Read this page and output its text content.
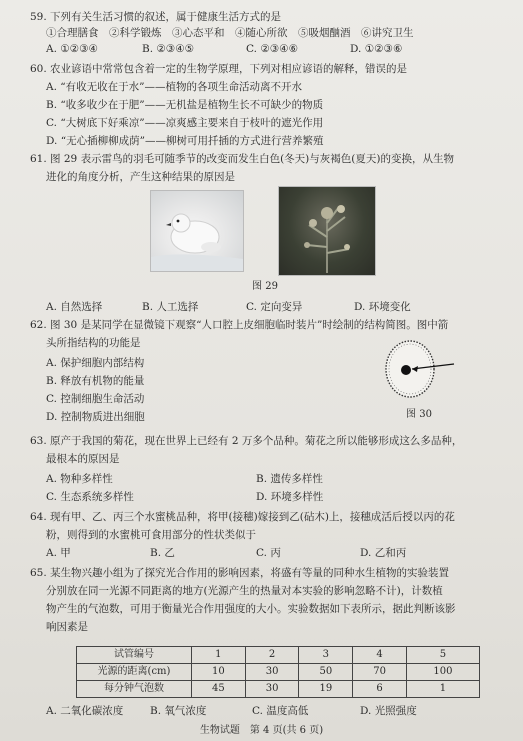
59. 下列有关生活习惯的叙述，属于健康生活方式的是
①合理膳食　②科学锻炼　③心态平和　④随心所欲　⑤吸烟酗酒　⑥讲究卫生
A. ①②③④	B. ②③④⑤	C. ②③④⑥	D. ①②③⑥
60. 农业谚语中常常包含着一定的生物学原理，下列对相应谚语的解释，错误的是
A. “有收无收在于水”——植物的各项生命活动离不开水
B. “收多收少在于肥”——无机盐是植物生长不可缺少的物质
C. “大树底下好乘凉”——凉爽感主要来自于枝叶的遮光作用
D. “无心插柳柳成荫”——柳树可用扦插的方式进行营养繁殖
61. 图 29 表示雷鸟的羽毛可随季节的改变而发生白色(冬天)与灰褐色(夏天)的变换，从生物
进化的角度分析，产生这种结果的原因是
图 29
A. 自然选择	B. 人工选择	C. 定向变异	D. 环境变化
62. 图 30 是某同学在显微镜下观察“人口腔上皮细胞临时装片”时绘制的结构简图。图中箭
头所指结构的功能是
A. 保护细胞内部结构
B. 释放有机物的能量
C. 控制细胞生命活动
D. 控制物质进出细胞	图 30
63. 原产于我国的菊花，现在世界上已经有 2 万多个品种。菊花之所以能够形成这么多品种，
最根本的原因是
A. 物种多样性	B. 遗传多样性
C. 生态系统多样性	D. 环境多样性
64. 现有甲、乙、丙三个水蜜桃品种，将甲(接穗)嫁接到乙(砧木)上，接穗成活后授以丙的花
粉，则得到的水蜜桃可食用部分的性状类似于
A. 甲	B. 乙	C. 丙	D. 乙和丙
65. 某生物兴趣小组为了探究光合作用的影响因素，将盛有等量的同种水生植物的实验装置
分别放在同一光源不同距离的地方(光源产生的热量对本实验的影响忽略不计)，计数植
物产生的气泡数，可用于衡量光合作用强度的大小。实验数据如下表所示，据此判断该影
响因素是
试管编号	1	2	3	4	5
光源的距离(cm)	10	30	50	70	100
每分钟气泡数	45	30	19	6	1
A. 二氧化碳浓度	B. 氧气浓度	C. 温度高低	D. 光照强度
生物试题　第 4 页(共 6 页)
